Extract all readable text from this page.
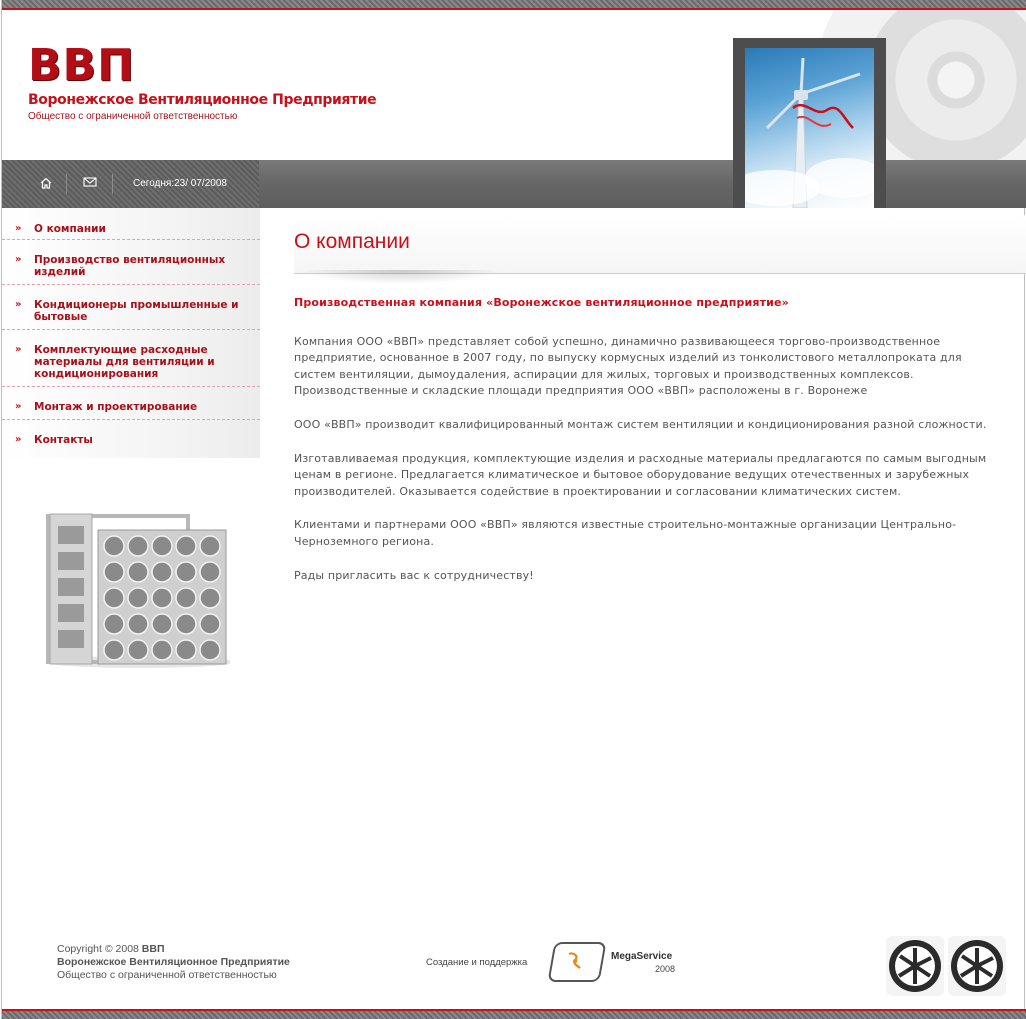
ВВП
Воронежское Вентиляционное Предприятие
Общество с ограниченной ответственностью
Сегодня:23/ 07/2008
» О компании
» Производство вентиляционных изделий
» Кондиционеры промышленные и бытовые
» Комплектующие расходные материалы для вентиляции и кондиционирования
» Монтаж и проектирование
» Контакты
О компании
Производственная компания «Воронежское вентиляционное предприятие»

Компания ООО «ВВП» представляет собой успешно, динамично развивающееся торгово-производственное предприятие, основанное в 2007 году, по выпуску кормусных изделий из тонколистового металлопроката для систем вентиляции, дымоудаления, аспирации для жилых, торговых и производственных комплексов. Производственные и складские площади предприятия ООО «ВВП» расположены в г. Воронеже

ООО «ВВП» производит квалифицированный монтаж систем вентиляции и кондиционирования разной сложности.

Изготавливаемая продукция, комплектующие изделия и расходные материалы предлагаются по самым выгодным ценам в регионе. Предлагается климатическое и бытовое оборудование ведущих отечественных и зарубежных производителей. Оказывается содействие в проектировании и согласовании климатических систем.

Клиентами и партнерами ООО «ВВП» являются известные строительно-монтажные организации Центрально-Черноземного региона.

Рады пригласить вас к сотрудничеству!

Copyright © 2008 ВВП
Воронежское Вентиляционное Предприятие
Общество с ограниченной ответственностью
Создание и поддержка
MegaService
2008
